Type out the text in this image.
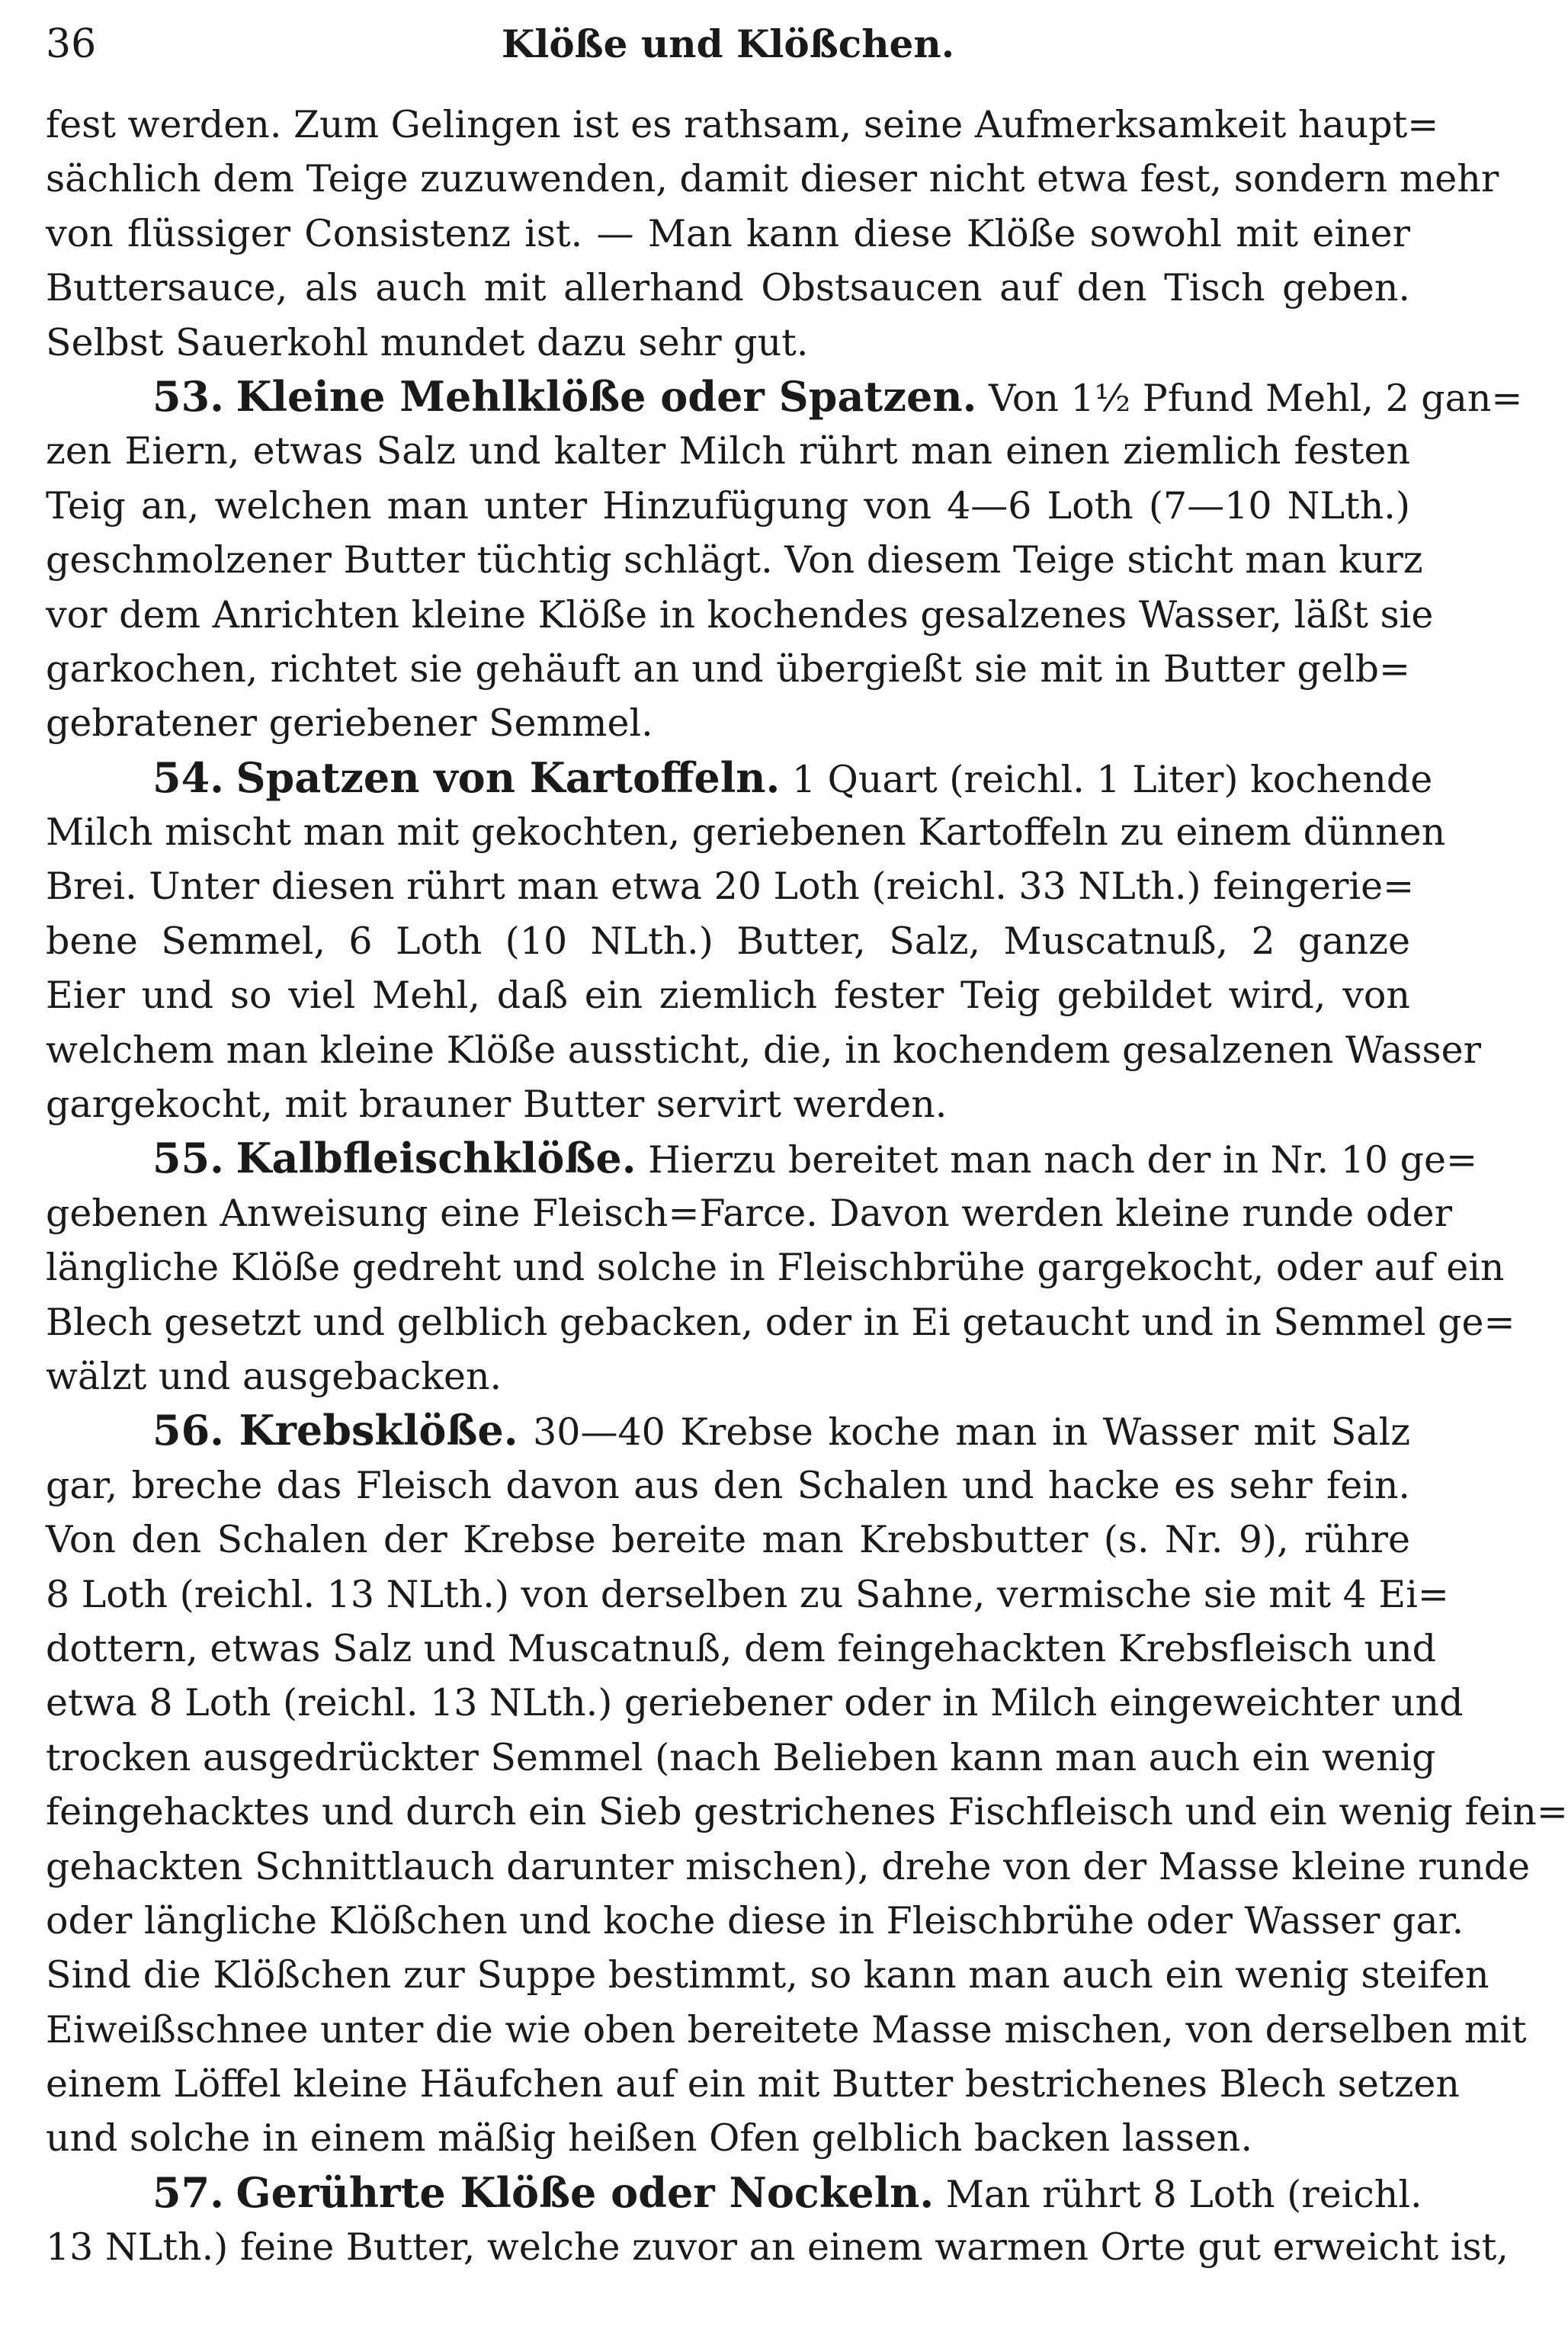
36	Klöße und Klößchen.
fest werden. Zum Gelingen ist es rathsam, seine Aufmerksamkeit haupt=
sächlich dem Teige zuzuwenden, damit dieser nicht etwa fest, sondern mehr
von flüssiger Consistenz ist. — Man kann diese Klöße sowohl mit einer
Buttersauce, als auch mit allerhand Obstsaucen auf den Tisch geben.
Selbst Sauerkohl mundet dazu sehr gut.
53. Kleine Mehlklöße oder Spatzen. Von 1½ Pfund Mehl, 2 gan=
zen Eiern, etwas Salz und kalter Milch rührt man einen ziemlich festen
Teig an, welchen man unter Hinzufügung von 4—6 Loth (7—10 NLth.)
geschmolzener Butter tüchtig schlägt. Von diesem Teige sticht man kurz
vor dem Anrichten kleine Klöße in kochendes gesalzenes Wasser, läßt sie
garkochen, richtet sie gehäuft an und übergießt sie mit in Butter gelb=
gebratener geriebener Semmel.
54. Spatzen von Kartoffeln. 1 Quart (reichl. 1 Liter) kochende
Milch mischt man mit gekochten, geriebenen Kartoffeln zu einem dünnen
Brei. Unter diesen rührt man etwa 20 Loth (reichl. 33 NLth.) feingerie=
bene Semmel, 6 Loth (10 NLth.) Butter, Salz, Muscatnuß, 2 ganze
Eier und so viel Mehl, daß ein ziemlich fester Teig gebildet wird, von
welchem man kleine Klöße aussticht, die, in kochendem gesalzenen Wasser
gargekocht, mit brauner Butter servirt werden.
55. Kalbfleischklöße. Hierzu bereitet man nach der in Nr. 10 ge=
gebenen Anweisung eine Fleisch=Farce. Davon werden kleine runde oder
längliche Klöße gedreht und solche in Fleischbrühe gargekocht, oder auf ein
Blech gesetzt und gelblich gebacken, oder in Ei getaucht und in Semmel ge=
wälzt und ausgebacken.
56. Krebsklöße. 30—40 Krebse koche man in Wasser mit Salz
gar, breche das Fleisch davon aus den Schalen und hacke es sehr fein.
Von den Schalen der Krebse bereite man Krebsbutter (s. Nr. 9), rühre
8 Loth (reichl. 13 NLth.) von derselben zu Sahne, vermische sie mit 4 Ei=
dottern, etwas Salz und Muscatnuß, dem feingehackten Krebsfleisch und
etwa 8 Loth (reichl. 13 NLth.) geriebener oder in Milch eingeweichter und
trocken ausgedrückter Semmel (nach Belieben kann man auch ein wenig
feingehacktes und durch ein Sieb gestrichenes Fischfleisch und ein wenig fein=
gehackten Schnittlauch darunter mischen), drehe von der Masse kleine runde
oder längliche Klößchen und koche diese in Fleischbrühe oder Wasser gar.
Sind die Klößchen zur Suppe bestimmt, so kann man auch ein wenig steifen
Eiweißschnee unter die wie oben bereitete Masse mischen, von derselben mit
einem Löffel kleine Häufchen auf ein mit Butter bestrichenes Blech setzen
und solche in einem mäßig heißen Ofen gelblich backen lassen.
57. Gerührte Klöße oder Nockeln. Man rührt 8 Loth (reichl.
13 NLth.) feine Butter, welche zuvor an einem warmen Orte gut erweicht ist,
